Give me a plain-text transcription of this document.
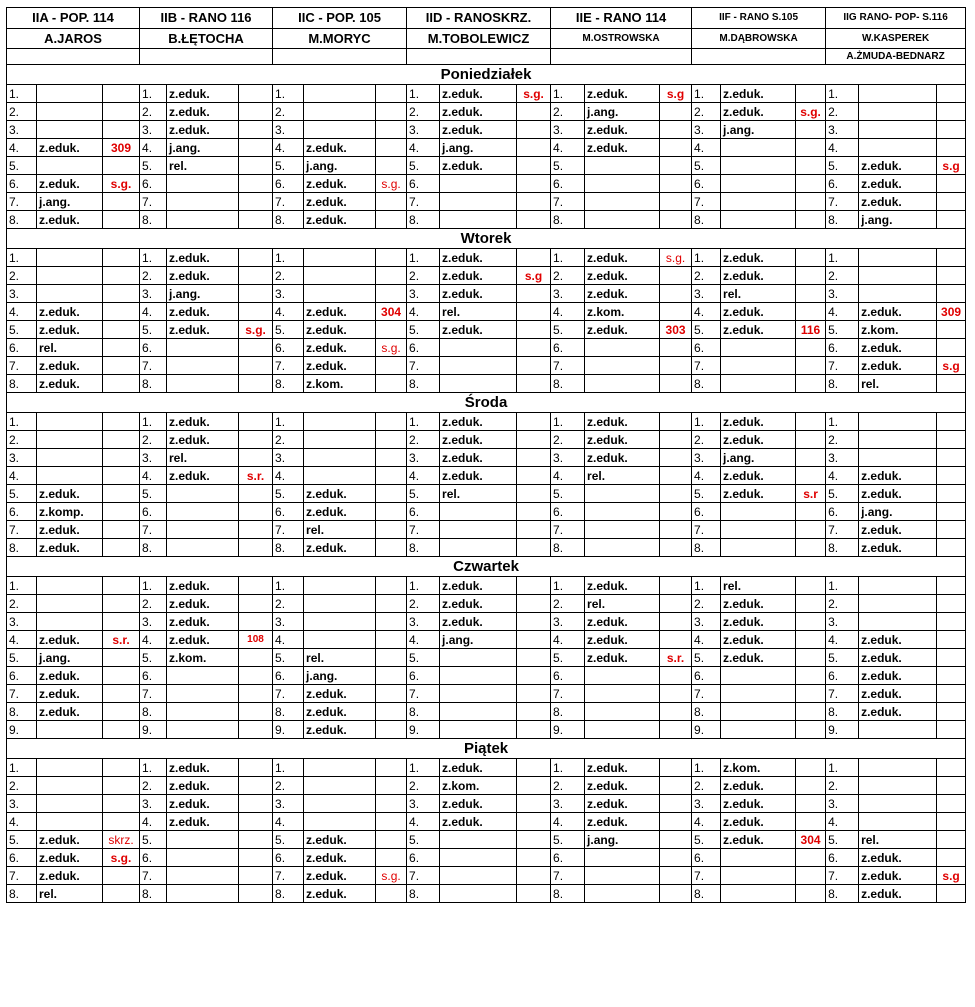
IIA - POP. 114			IIB - RANO 116			IIC - POP. 105			IID - RANOSKRZ.			IIE - RANO 114			IIF - RANO S.105			IIG RANO- POP- S.116		
A.JAROS			B.ŁĘTOCHA			M.MORYC			M.TOBOLEWICZ			M.OSTROWSKA			M.DĄBROWSKA			W.KASPEREK		
																		A.ŻMUDA-BEDNARZ		
Poniedziałek																				
1.			1.	z.eduk.		1.			1.	z.eduk.	s.g.	1.	z.eduk.	s.g	1.	z.eduk.		1.		
2.			2.	z.eduk.		2.			2.	z.eduk.		2.	j.ang.		2.	z.eduk.	s.g.	2.		
3.			3.	z.eduk.		3.			3.	z.eduk.		3.	z.eduk.		3.	j.ang.		3.		
4.	z.eduk.	309	4.	j.ang.		4.	z.eduk.		4.	j.ang.		4.	z.eduk.		4.			4.		
5.			5.	rel.		5.	j.ang.		5.	z.eduk.		5.			5.			5.	z.eduk.	s.g
6.	z.eduk.	s.g.	6.			6.	z.eduk.	s.g.	6.			6.			6.			6.	z.eduk.	
7.	j.ang.		7.			7.	z.eduk.		7.			7.			7.			7.	z.eduk.	
8.	z.eduk.		8.			8.	z.eduk.		8.			8.			8.			8.	j.ang.	
Wtorek																				
1.			1.	z.eduk.		1.			1.	z.eduk.		1.	z.eduk.	s.g.	1.	z.eduk.		1.		
2.			2.	z.eduk.		2.			2.	z.eduk.	s.g	2.	z.eduk.		2.	z.eduk.		2.		
3.			3.	j.ang.		3.			3.	z.eduk.		3.	z.eduk.		3.	rel.		3.		
4.	z.eduk.		4.	z.eduk.		4.	z.eduk.	304	4.	rel.		4.	z.kom.		4.	z.eduk.		4.	z.eduk.	309
5.	z.eduk.		5.	z.eduk.	s.g.	5.	z.eduk.		5.	z.eduk.		5.	z.eduk.	303	5.	z.eduk.	116	5.	z.kom.	
6.	rel.		6.			6.	z.eduk.	s.g.	6.			6.			6.			6.	z.eduk.	
7.	z.eduk.		7.			7.	z.eduk.		7.			7.			7.			7.	z.eduk.	s.g
8.	z.eduk.		8.			8.	z.kom.		8.			8.			8.			8.	rel.	
Środa																				
1.			1.	z.eduk.		1.			1.	z.eduk.		1.	z.eduk.		1.	z.eduk.		1.		
2.			2.	z.eduk.		2.			2.	z.eduk.		2.	z.eduk.		2.	z.eduk.		2.		
3.			3.	rel.		3.			3.	z.eduk.		3.	z.eduk.		3.	j.ang.		3.		
4.			4.	z.eduk.	s.r.	4.			4.	z.eduk.		4.	rel.		4.	z.eduk.		4.	z.eduk.	
5.	z.eduk.		5.			5.	z.eduk.		5.	rel.		5.			5.	z.eduk.	s.r	5.	z.eduk.	
6.	z.komp.		6.			6.	z.eduk.		6.			6.			6.			6.	j.ang.	
7.	z.eduk.		7.			7.	rel.		7.			7.			7.			7.	z.eduk.	
8.	z.eduk.		8.			8.	z.eduk.		8.			8.			8.			8.	z.eduk.	
Czwartek																				
1.			1.	z.eduk.		1.			1.	z.eduk.		1.	z.eduk.		1.	rel.		1.		
2.			2.	z.eduk.		2.			2.	z.eduk.		2.	rel.		2.	z.eduk.		2.		
3.			3.	z.eduk.		3.			3.	z.eduk.		3.	z.eduk.		3.	z.eduk.		3.		
4.	z.eduk.	s.r.	4.	z.eduk.	108	4.			4.	j.ang.		4.	z.eduk.		4.	z.eduk.		4.	z.eduk.	
5.	j.ang.		5.	z.kom.		5.	rel.		5.			5.	z.eduk.	s.r.	5.	z.eduk.		5.	z.eduk.	
6.	z.eduk.		6.			6.	j.ang.		6.			6.			6.			6.	z.eduk.	
7.	z.eduk.		7.			7.	z.eduk.		7.			7.			7.			7.	z.eduk.	
8.	z.eduk.		8.			8.	z.eduk.		8.			8.			8.			8.	z.eduk.	
9.			9.			9.	z.eduk.		9.			9.			9.			9.		
Piątek																				
1.			1.	z.eduk.		1.			1.	z.eduk.		1.	z.eduk.		1.	z.kom.		1.		
2.			2.	z.eduk.		2.			2.	z.kom.		2.	z.eduk.		2.	z.eduk.		2.		
3.			3.	z.eduk.		3.			3.	z.eduk.		3.	z.eduk.		3.	z.eduk.		3.		
4.			4.	z.eduk.		4.			4.	z.eduk.		4.	z.eduk.		4.	z.eduk.		4.		
5.	z.eduk.	skrz.	5.			5.	z.eduk.		5.			5.	j.ang.		5.	z.eduk.	304	5.	rel.	
6.	z.eduk.	s.g.	6.			6.	z.eduk.		6.			6.			6.			6.	z.eduk.	
7.	z.eduk.		7.			7.	z.eduk.	s.g.	7.			7.			7.			7.	z.eduk.	s.g
8.	rel.		8.			8.	z.eduk.		8.			8.			8.			8.	z.eduk.	
